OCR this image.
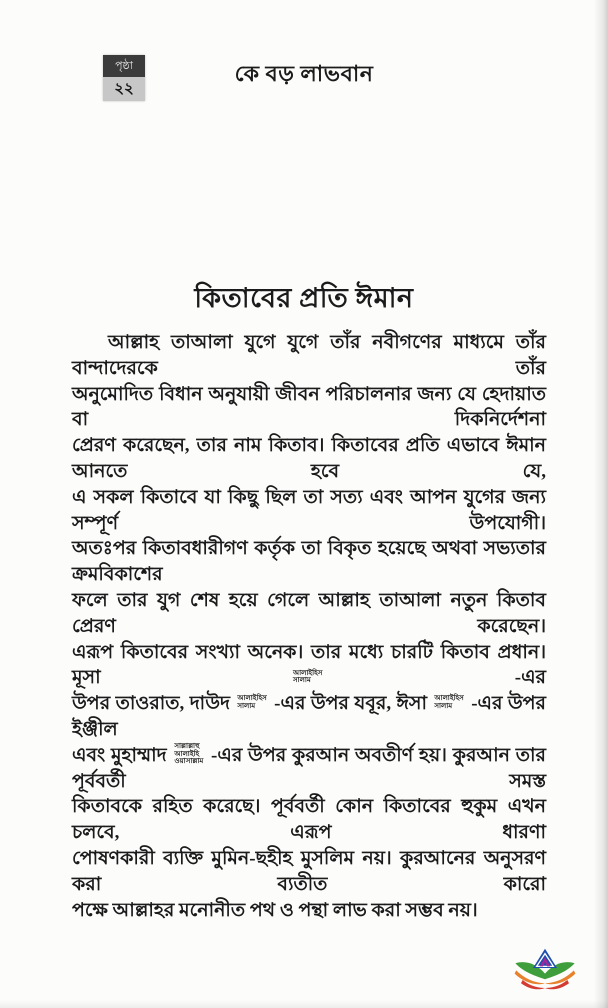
পৃষ্ঠা
২২
কে বড় লাভবান
কিতাবের প্রতি ঈমান
আল্লাহ তাআলা যুগে যুগে তাঁর নবীগণের মাধ্যমে তাঁর বান্দাদেরকে তাঁর
অনুমোদিত বিধান অনুযায়ী জীবন পরিচালনার জন্য যে হেদায়াত বা দিকনির্দেশনা
প্রেরণ করেছেন, তার নাম কিতাব। কিতাবের প্রতি এভাবে ঈমান আনতে হবে যে,
এ সকল কিতাবে যা কিছু ছিল তা সত্য এবং আপন যুগের জন্য সম্পূর্ণ উপযোগী।
অতঃপর কিতাবধারীগণ কর্তৃক তা বিকৃত হয়েছে অথবা সভ্যতার ক্রমবিকাশের
ফলে তার যুগ শেষ হয়ে গেলে আল্লাহ তাআলা নতুন কিতাব প্রেরণ করেছেন।
এরূপ কিতাবের সংখ্যা অনেক। তার মধ্যে চারটি কিতাব প্রধান। মূসা আলাইহিস
সালাম	-এর
উপর তাওরাত, দাউদ আলাইহিস
সালাম -এর উপর যবূর, ঈসা আলাইহিস
সালাম -এর উপর ইঞ্জীল
এবং মুহাম্মাদ সাল্লাল্লাহু
আলাইহি
ওয়াসাল্লাম -এর উপর কুরআন অবতীর্ণ হয়। কুরআন তার পূর্ববর্তী সমস্ত
কিতাবকে রহিত করেছে। পূর্ববর্তী কোন কিতাবের হুকুম এখন চলবে, এরূপ ধারণা
পোষণকারী ব্যক্তি মুমিন-ছহীহ মুসলিম নয়। কুরআনের অনুসরণ করা ব্যতীত কারো
পক্ষে আল্লাহর মনোনীত পথ ও পন্থা লাভ করা সম্ভব নয়।
